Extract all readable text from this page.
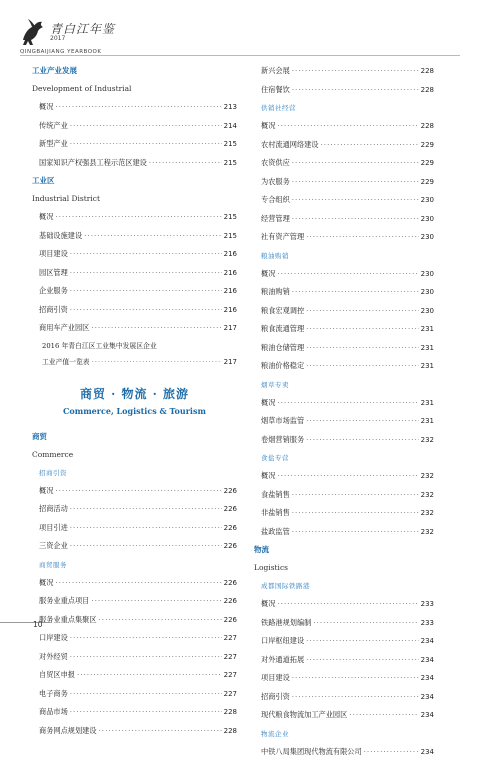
青白江年鉴
2017
QINGBAIJIANG YEARBOOK
工业产业发展
Development of Industrial
概况 ·····	213
传统产业 ·····	214
新型产业 ·····	215
国家知识产权强县工程示范区建设 ·····	215
工业区
Industrial District
概况 ·····	215
基础设施建设 ·····	215
项目建设 ·····	216
园区管理 ·····	216
企业服务 ·····	216
招商引资 ·····	216
商用车产业园区 ·····	217
2016 年青白江区工业集中发展区企业
工业产值一览表 ·····	217
商贸 · 物流 · 旅游
Commerce, Logistics & Tourism
商贸
Commerce
招商引资
概况 ·····	226
招商活动 ·····	226
项目引进 ·····	226
三资企业 ·····	226
商贸服务
概况 ·····	226
服务业重点项目 ·····	226
服务业重点集聚区 ·····	226
口岸建设 ·····	227
对外经贸 ·····	227
自贸区申报 ·····	227
电子商务 ·····	227
商品市场 ·····	228
商务网点规划建设 ·····	228
新兴会展 ·····	228
住宿餐饮 ·····	228
供销社经营
概况 ·····	228
农村流通网络建设 ·····	229
农资供应 ·····	229
为农服务 ·····	229
专合组织 ·····	230
经营管理 ·····	230
社有资产管理 ·····	230
粮油购销
概况 ·····	230
粮油购销 ·····	230
粮食宏观调控 ·····	230
粮食流通管理 ·····	231
粮油仓储管理 ·····	231
粮油价格稳定 ·····	231
烟草专卖
概况 ·····	231
烟草市场监管 ·····	231
卷烟营销服务 ·····	232
食盐专营
概况 ·····	232
食盐销售 ·····	232
非盐销售 ·····	232
盐政监管 ·····	232
物流
Logistics
成都国际铁路港
概况 ·····	233
铁路港规划编制 ·····	233
口岸枢纽建设 ·····	234
对外通道拓展 ·····	234
项目建设 ·····	234
招商引资 ·····	234
现代粮食物流加工产业园区 ·····	234
物流企业
中铁八局集团现代物流有限公司 ·····	234
10
